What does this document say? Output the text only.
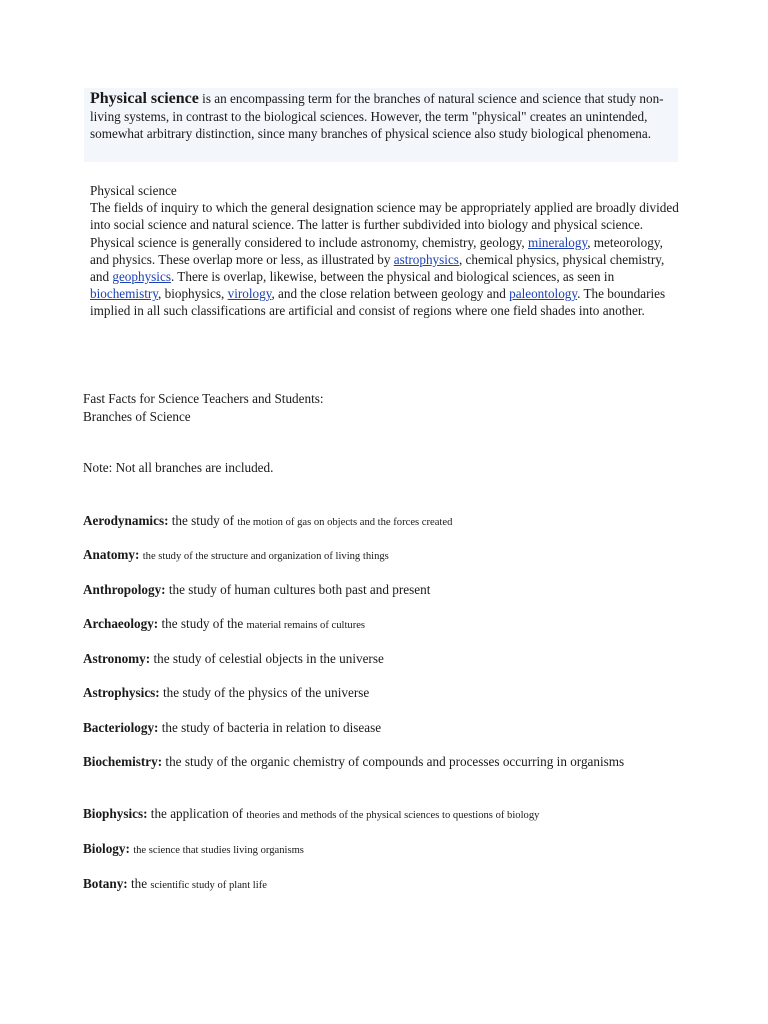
Physical science is an encompassing term for the branches of natural science and science that study non-living systems, in contrast to the biological sciences. However, the term "physical" creates an unintended, somewhat arbitrary distinction, since many branches of physical science also study biological phenomena.
Physical science
The fields of inquiry to which the general designation science may be appropriately applied are broadly divided into social science and natural science. The latter is further subdivided into biology and physical science. Physical science is generally considered to include astronomy, chemistry, geology, mineralogy, meteorology, and physics. These overlap more or less, as illustrated by astrophysics, chemical physics, physical chemistry, and geophysics. There is overlap, likewise, between the physical and biological sciences, as seen in biochemistry, biophysics, virology, and the close relation between geology and paleontology. The boundaries implied in all such classifications are artificial and consist of regions where one field shades into another.
Fast Facts for Science Teachers and Students:
Branches of Science
Note: Not all branches are included.
Aerodynamics: the study of the motion of gas on objects and the forces created
Anatomy: the study of the structure and organization of living things
Anthropology: the study of human cultures both past and present
Archaeology: the study of the material remains of cultures
Astronomy: the study of celestial objects in the universe
Astrophysics: the study of the physics of the universe
Bacteriology: the study of bacteria in relation to disease
Biochemistry: the study of the organic chemistry of compounds and processes occurring in organisms
Biophysics: the application of theories and methods of the physical sciences to questions of biology
Biology: the science that studies living organisms
Botany: the scientific study of plant life
